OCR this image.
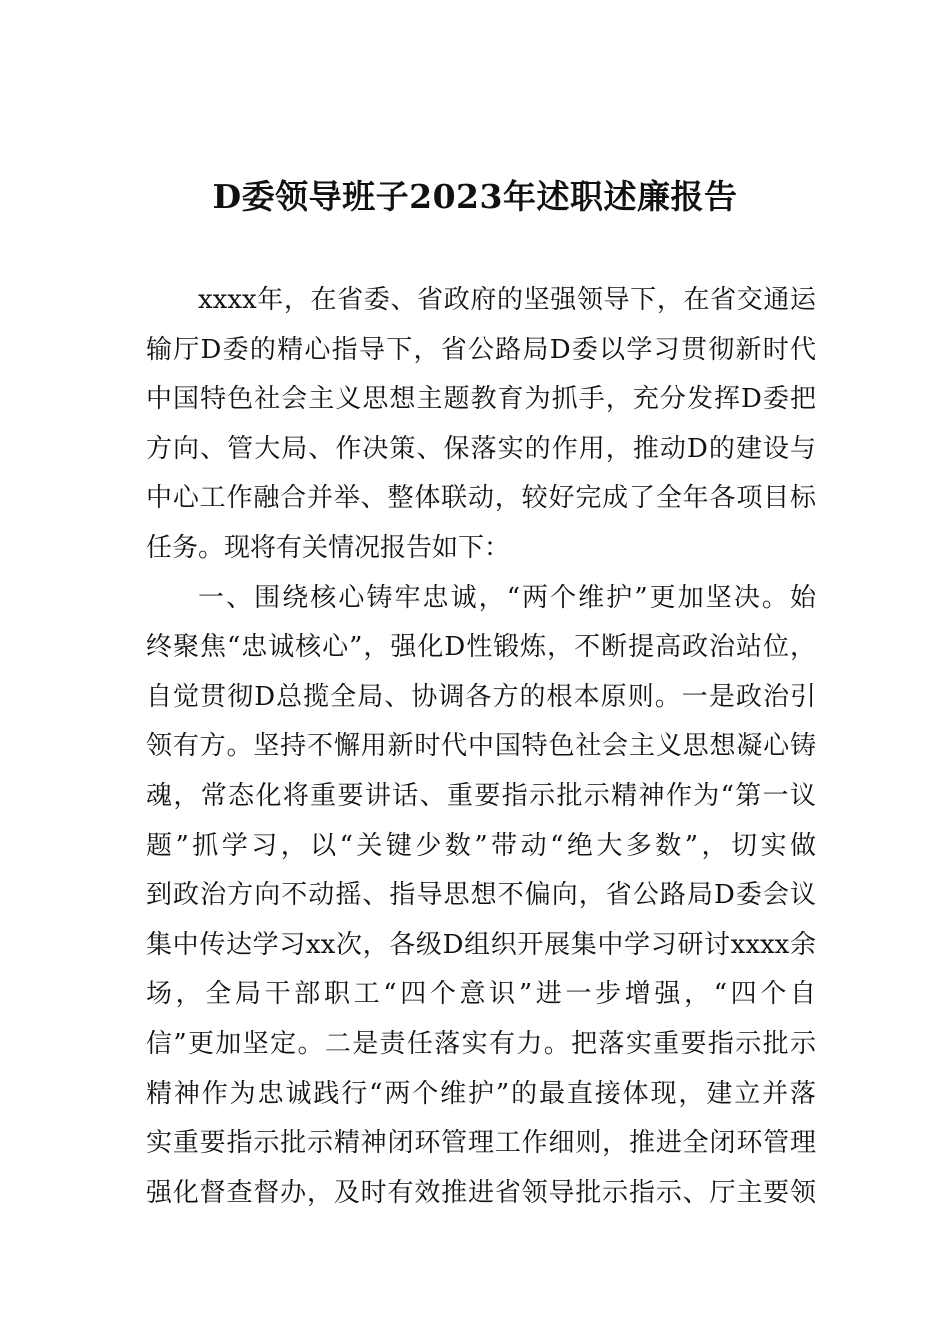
D委领导班子2023年述职述廉报告
xxxx年，在省委、省政府的坚强领导下，在省交通运
输厅D委的精心指导下，省公路局D委以学习贯彻新时代
中国特色社会主义思想主题教育为抓手，充分发挥D委把
方向、管大局、作决策、保落实的作用，推动D的建设与
中心工作融合并举、整体联动，较好完成了全年各项目标
任务。现将有关情况报告如下：
一、围绕核心铸牢忠诚，“两个维护”更加坚决。始
终聚焦“忠诚核心”，强化D性锻炼，不断提高政治站位，
自觉贯彻D总揽全局、协调各方的根本原则。一是政治引
领有方。坚持不懈用新时代中国特色社会主义思想凝心铸
魂，常态化将重要讲话、重要指示批示精神作为“第一议
题”抓学习，以“关键少数”带动“绝大多数”，切实做
到政治方向不动摇、指导思想不偏向，省公路局D委会议
集中传达学习xx次，各级D组织开展集中学习研讨xxxx余
场，全局干部职工“四个意识”进一步增强，“四个自
信”更加坚定。二是责任落实有力。把落实重要指示批示
精神作为忠诚践行“两个维护”的最直接体现，建立并落
实重要指示批示精神闭环管理工作细则，推进全闭环管理
强化督查督办，及时有效推进省领导批示指示、厅主要领
